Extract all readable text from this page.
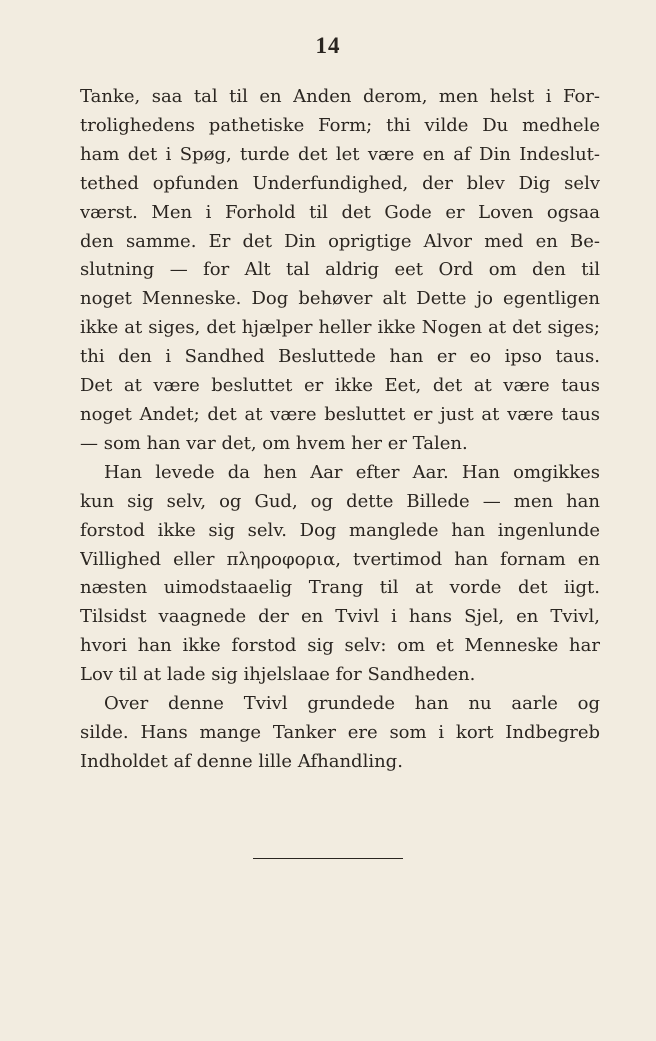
14
Tanke, saa tal til en Anden derom, men helst i For-
trolighedens pathetiske Form; thi vilde Du medhele
ham det i Spøg, turde det let være en af Din Indeslut-
tethed opfunden Underfundighed, der blev Dig selv
værst. Men i Forhold til det Gode er Loven ogsaa
den samme. Er det Din oprigtige Alvor med en Be-
slutning — for Alt tal aldrig eet Ord om den til
noget Menneske. Dog behøver alt Dette jo egentligen
ikke at siges, det hjælper heller ikke Nogen at det siges;
thi den i Sandhed Besluttede han er eo ipso taus.
Det at være besluttet er ikke Eet, det at være taus
noget Andet; det at være besluttet er just at være taus
— som han var det, om hvem her er Talen.
Han levede da hen Aar efter Aar. Han omgikkes
kun sig selv, og Gud, og dette Billede — men han
forstod ikke sig selv. Dog manglede han ingenlunde
Villighed eller πληροφορια, tvertimod han fornam en
næsten uimodstaaelig Trang til at vorde det iigt.
Tilsidst vaagnede der en Tvivl i hans Sjel, en Tvivl,
hvori han ikke forstod sig selv: om et Menneske har
Lov til at lade sig ihjelslaae for Sandheden.
Over denne Tvivl grundede han nu aarle og
silde. Hans mange Tanker ere som i kort Indbegreb
Indholdet af denne lille Afhandling.
